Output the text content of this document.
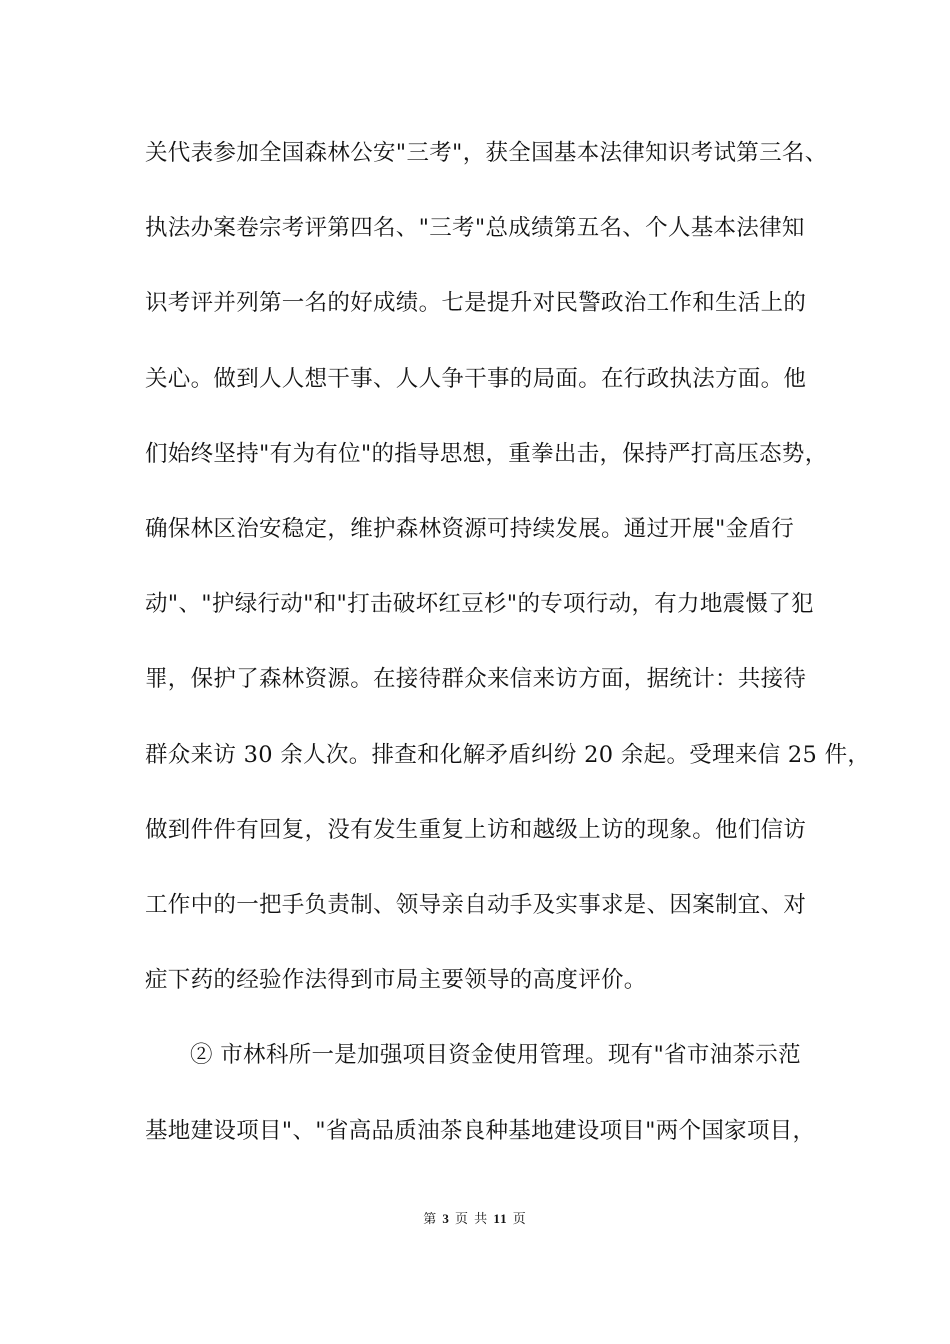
关代表参加全国森林公安"三考"，获全国基本法律知识考试第三名、
执法办案卷宗考评第四名、"三考"总成绩第五名、个人基本法律知
识考评并列第一名的好成绩。七是提升对民警政治工作和生活上的
关心。做到人人想干事、人人争干事的局面。在行政执法方面。他
们始终坚持"有为有位"的指导思想，重拳出击，保持严打高压态势，
确保林区治安稳定，维护森林资源可持续发展。通过开展"金盾行
动"、"护绿行动"和"打击破坏红豆杉"的专项行动，有力地震慑了犯
罪，保护了森林资源。在接待群众来信来访方面，据统计：共接待
群众来访 30 余人次。排查和化解矛盾纠纷 20 余起。受理来信 25 件，
做到件件有回复，没有发生重复上访和越级上访的现象。他们信访
工作中的一把手负责制、领导亲自动手及实事求是、因案制宜、对
症下药的经验作法得到市局主要领导的高度评价。
② 市林科所一是加强项目资金使用管理。现有"省市油茶示范
基地建设项目"、"省高品质油茶良种基地建设项目"两个国家项目，
第 3 页 共 11 页
